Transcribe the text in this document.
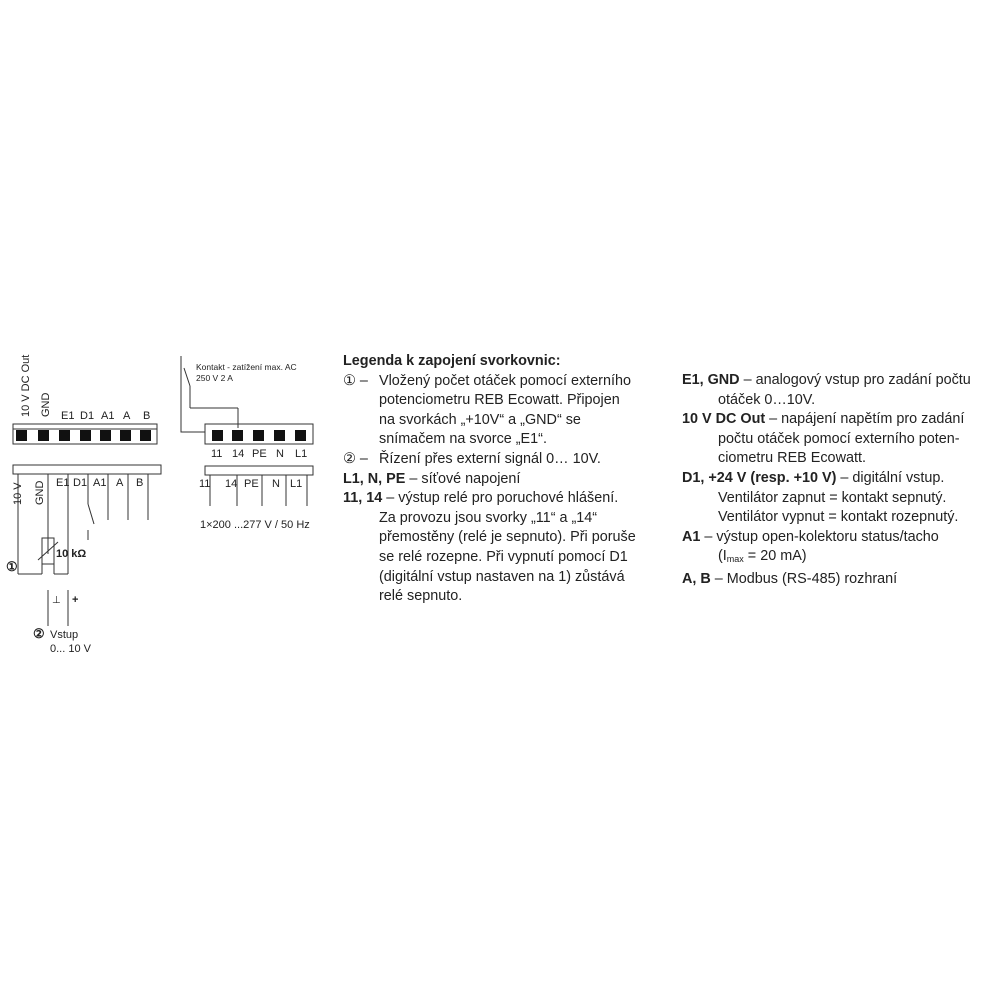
10 V DC Out GND E1 D1 A1 A B
10 V GND E1 D1 A1 A B
①
10 kΩ
⊥ +
② Vstup
0... 10 V
Kontakt - zatížení max. AC
250 V 2 A
11 14 PE N L1
11 14 PE N L1
1×200 ...277 V / 50 Hz
Legenda k zapojení svorkovnic:
① – Vložený počet otáček pomocí externího
potenciometru REB Ecowatt. Připojen
na svorkách „+10V“ a „GND“ se
snímačem na svorce „E1“.
② – Řízení přes externí signál 0… 10V.
L1, N, PE – síťové napojení
11, 14 – výstup relé pro poruchové hlášení.
Za provozu jsou svorky „11“ a „14“
přemostěny (relé je sepnuto). Při poruše
se relé rozepne. Při vypnutí pomocí D1
(digitální vstup nastaven na 1) zůstává
relé sepnuto.
E1, GND – analogový vstup pro zadání počtu
otáček 0…10V.
10 V DC Out – napájení napětím pro zadání
počtu otáček pomocí externího poten-
ciometru REB Ecowatt.
D1, +24 V (resp. +10 V) – digitální vstup.
Ventilátor zapnut = kontakt sepnutý.
Ventilátor vypnut = kontakt rozepnutý.
A1 – výstup open-kolektoru status/tacho
($I_{max} = 20$ mA)
A, B – Modbus (RS-485) rozhraní
